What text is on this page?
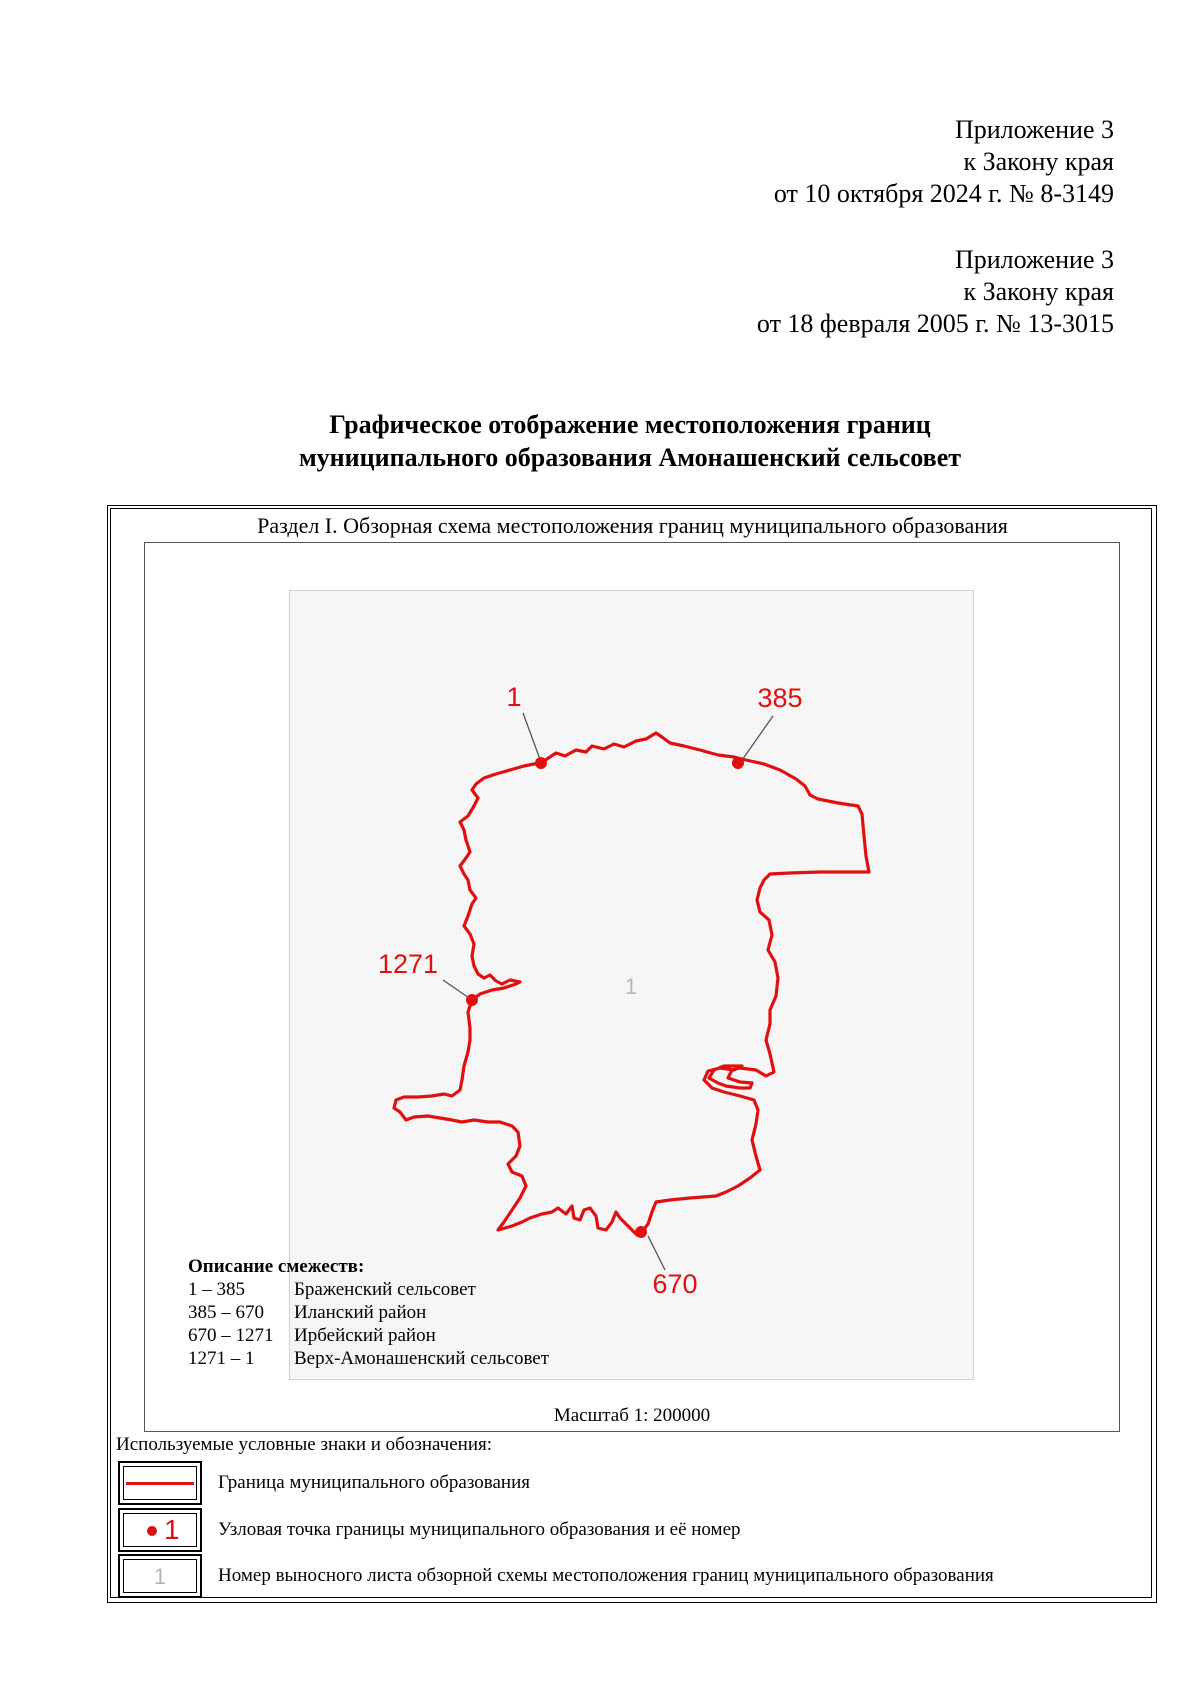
Приложение 3
к Закону края
от 10 октября 2024 г. № 8-3149
Приложение 3
к Закону края
от 18 февраля 2005 г. № 13-3015
Графическое отображение местоположения границ
муниципального образования Амонашенский сельсовет
Раздел I. Обзорная схема местоположения границ муниципального образования
1	385
1271
670
1
Описание смежеств:
1 – 385	Браженский сельсовет
385 – 670	Иланский район
670 – 1271	Ирбейский район
1271 – 1	Верх-Амонашенский сельсовет
Масштаб 1: 200000
Используемые условные знаки и обозначения:
Граница муниципального образования
1 Узловая точка границы муниципального образования и её номер
1	Номер выносного листа обзорной схемы местоположения границ муниципального образования
